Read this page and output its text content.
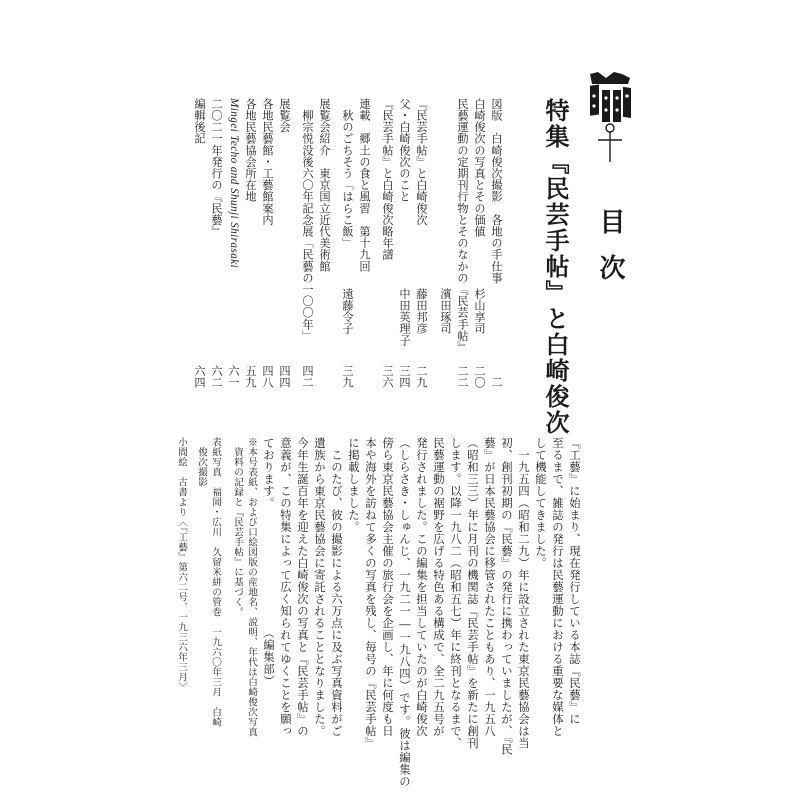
目次
特集『民芸手帖』と白崎俊次
図版　白崎俊次撮影　各地の手仕事
二
白崎俊次の写真とその価値
杉山享司
二〇
民藝運動の定期刊行物とそのなかの『民芸手帖』
二二
濱田琢司
『民芸手帖』と白崎俊次
藤田邦彦
二九
父・白崎俊次のこと
中田英理子
三四
『民芸手帖』と白崎俊次略年譜
三六
連載　郷土の食と風習　第十九回
　秋のごちそう「はらこ飯」
遠藤令子
三九
展覧会紹介　東京国立近代美術館
　柳宗悦没後六〇年記念展「民藝の一〇〇年」
四二
展覧会
四四
各地民藝館・工藝館案内
四八
各地民藝協会所在地
五九
Mingei Techo and Shunji Shirasaki
六一
二〇二一年発行の『民藝』
六二
編輯後記
六四
『工藝』に始まり、現在発行している本誌『民藝』に
至るまで、雑誌の発行は民藝運動における重要な媒体と
して機能してきました。
一九五四（昭和二九）年に設立された東京民藝協会は当
初、創刊初期の『民藝』の発行に携わっていましたが、『民
藝』が日本民藝協会に移管されたこともあり、一九五八
（昭和三三）年に月刊の機関誌『民芸手帖』を新たに創刊
します。以降一九八二（昭和五七）年に終刊となるまで、
民藝運動の裾野を広げる特色ある構成で、全二九五号が
発行されました。この編集を担当していたのが白崎俊次
（しらさき・しゅんじ、一九二一―一九八四）です。彼は編集の
傍ら東京民藝協会主催の旅行会を企画し、年に何度も日
本や海外を訪ねて多くの写真を残し、毎号の『民芸手帖』
に掲載しました。
このたび、彼の撮影による六万点に及ぶ写真資料がご
遺族から東京民藝協会に寄託されることとなりました。
今年生誕百年を迎えた白崎俊次の写真と『民芸手帖』の
意義が、この特集によって広く知られてゆくことを願っ
ております。
（編集部）
※本号表紙、および口絵図版の産地名、説明、年代は白崎俊次写真
　資料の記録と『民芸手帖』に基づく。
表紙写真　福岡・広川　久留米絣の管巻　一九六〇年三月　白崎
　俊次撮影
小間絵　古書より〈『工藝』第六二号、一九三六年三月〉
